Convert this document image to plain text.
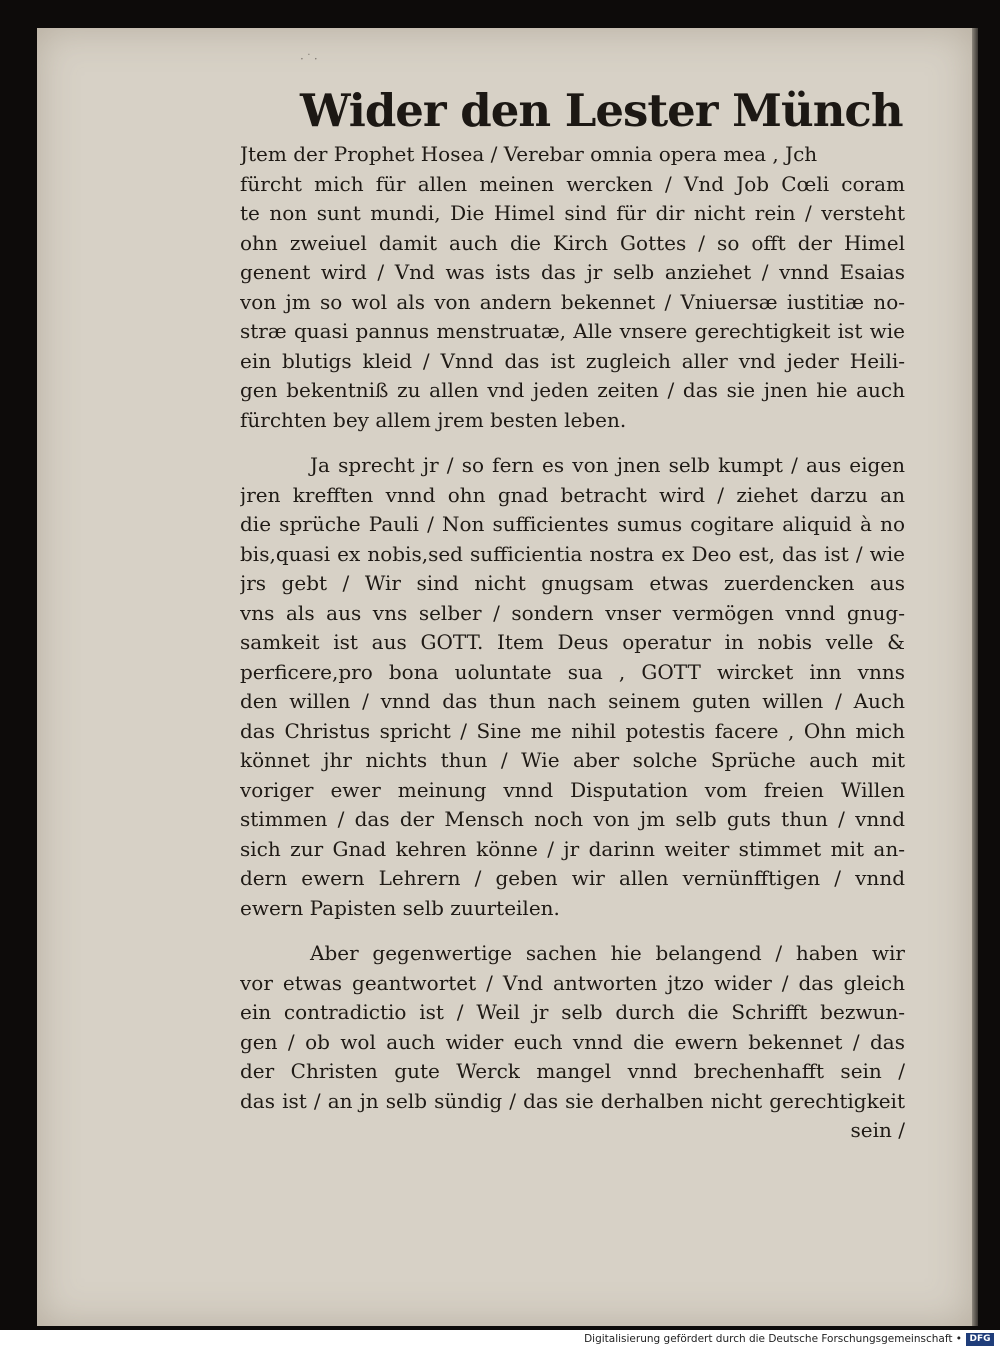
·˙·
Wider den Lester Münch
Jtem der Prophet Hosea / Verebar omnia opera mea , Jch
fürcht mich für allen meinen wercken / Vnd Job Cœli coram
te non sunt mundi, Die Himel sind für dir nicht rein / versteht
ohn zweiuel damit auch die Kirch Gottes / so offt der Himel
genent wird / Vnd was ists das jr selb anziehet / vnnd Esaias
von jm so wol als von andern bekennet / Vniuersæ iustitiæ no-
stræ quasi pannus menstruatæ, Alle vnsere gerechtigkeit ist wie
ein blutigs kleid / Vnnd das ist zugleich aller vnd jeder Heili-
gen bekentniß zu allen vnd jeden zeiten / das sie jnen hie auch
fürchten bey allem jrem besten leben.
Ja sprecht jr / so fern es von jnen selb kumpt / aus eigen
jren krefften vnnd ohn gnad betracht wird / ziehet darzu an
die sprüche Pauli / Non sufficientes sumus cogitare aliquid à no
bis,quasi ex nobis,sed sufficientia nostra ex Deo est, das ist / wie
jrs gebt / Wir sind nicht gnugsam etwas zuerdencken aus
vns als aus vns selber / sondern vnser vermögen vnnd gnug-
samkeit ist aus GOTT. Item Deus operatur in nobis velle &
perficere,pro bona uoluntate sua , GOTT wircket inn vnns
den willen / vnnd das thun nach seinem guten willen / Auch
das Christus spricht / Sine me nihil potestis facere , Ohn mich
könnet jhr nichts thun / Wie aber solche Sprüche auch mit
voriger ewer meinung vnnd Disputation vom freien Willen
stimmen / das der Mensch noch von jm selb guts thun / vnnd
sich zur Gnad kehren könne / jr darinn weiter stimmet mit an-
dern ewern Lehrern / geben wir allen vernünfftigen / vnnd
ewern Papisten selb zuurteilen.
Aber gegenwertige sachen hie belangend / haben wir
vor etwas geantwortet / Vnd antworten jtzo wider / das gleich
ein contradictio ist / Weil jr selb durch die Schrifft bezwun-
gen / ob wol auch wider euch vnnd die ewern bekennet / das
der Christen gute Werck mangel vnnd brechenhafft sein /
das ist / an jn selb sündig / das sie derhalben nicht gerechtigkeit
sein /
Digitalisierung gefördert durch die Deutsche Forschungsgemeinschaft • DFG
